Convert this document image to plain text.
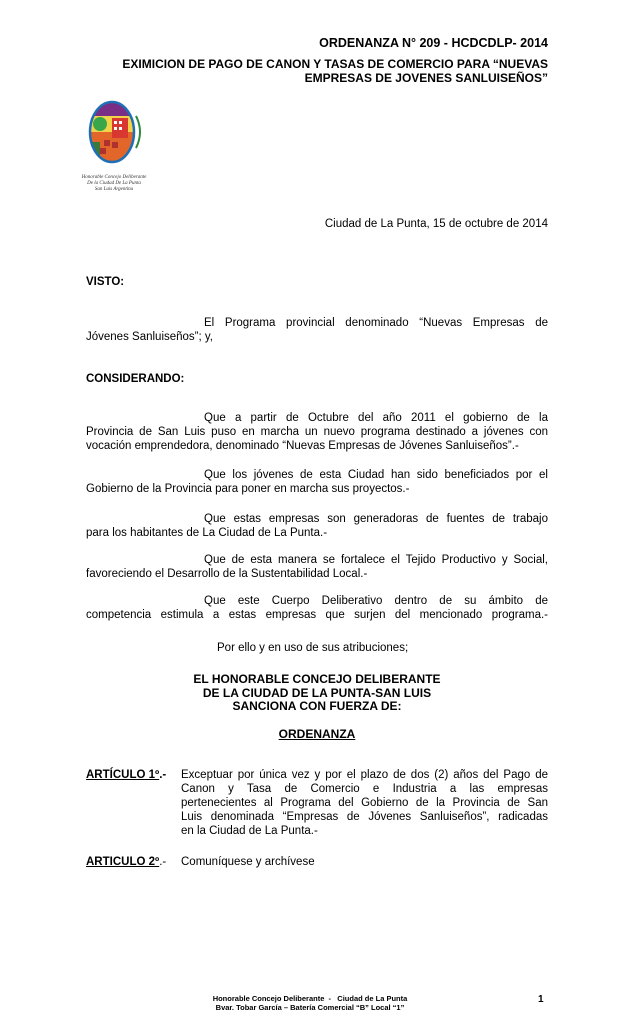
ORDENANZA N° 209 - HCDCDLP- 2014
EXIMICION DE PAGO DE CANON Y TASAS DE COMERCIO PARA “NUEVAS
EMPRESAS DE JOVENES SANLUISEÑOS”
Honorable Concejo Deliberante
De la Ciudad De La Punta
San Luis Argentina
Ciudad de La Punta, 15 de octubre de 2014
VISTO:
El Programa provincial denominado “Nuevas Empresas de
Jóvenes Sanluiseños”; y,
CONSIDERANDO:
Que a partir de Octubre del año 2011 el gobierno de la
Provincia de San Luis puso en marcha un nuevo programa destinado a jóvenes con
vocación emprendedora, denominado “Nuevas Empresas de Jóvenes Sanluiseños”.-
Que los jóvenes de esta Ciudad han sido beneficiados por el
Gobierno de la Provincia para poner en marcha sus proyectos.-
Que estas empresas son generadoras de fuentes de trabajo
para los habitantes de La Ciudad de La Punta.-
Que de esta manera se fortalece el Tejido Productivo y Social,
favoreciendo el Desarrollo de la Sustentabilidad Local.-
Que este Cuerpo Deliberativo dentro de su ámbito de
competencia estimula a estas empresas que surjen del mencionado programa.-
Por ello y en uso de sus atribuciones;
EL HONORABLE CONCEJO DELIBERANTE
DE LA CIUDAD DE LA PUNTA-SAN LUIS
SANCIONA CON FUERZA DE:
ORDENANZA
ARTÍCULO 1º.-	Exceptuar por única vez y por el plazo de dos (2) años del Pago de
Canon y Tasa de Comercio e Industria a las empresas
pertenecientes al Programa del Gobierno de la Provincia de San
Luis denominada “Empresas de Jóvenes Sanluiseños”, radicadas
en la Ciudad de La Punta.-
ARTICULO 2º.-	Comuníquese y archívese
Honorable Concejo Deliberante  -   Ciudad de La Punta
Bvar. Tobar García – Batería Comercial “B” Local “1”
1
